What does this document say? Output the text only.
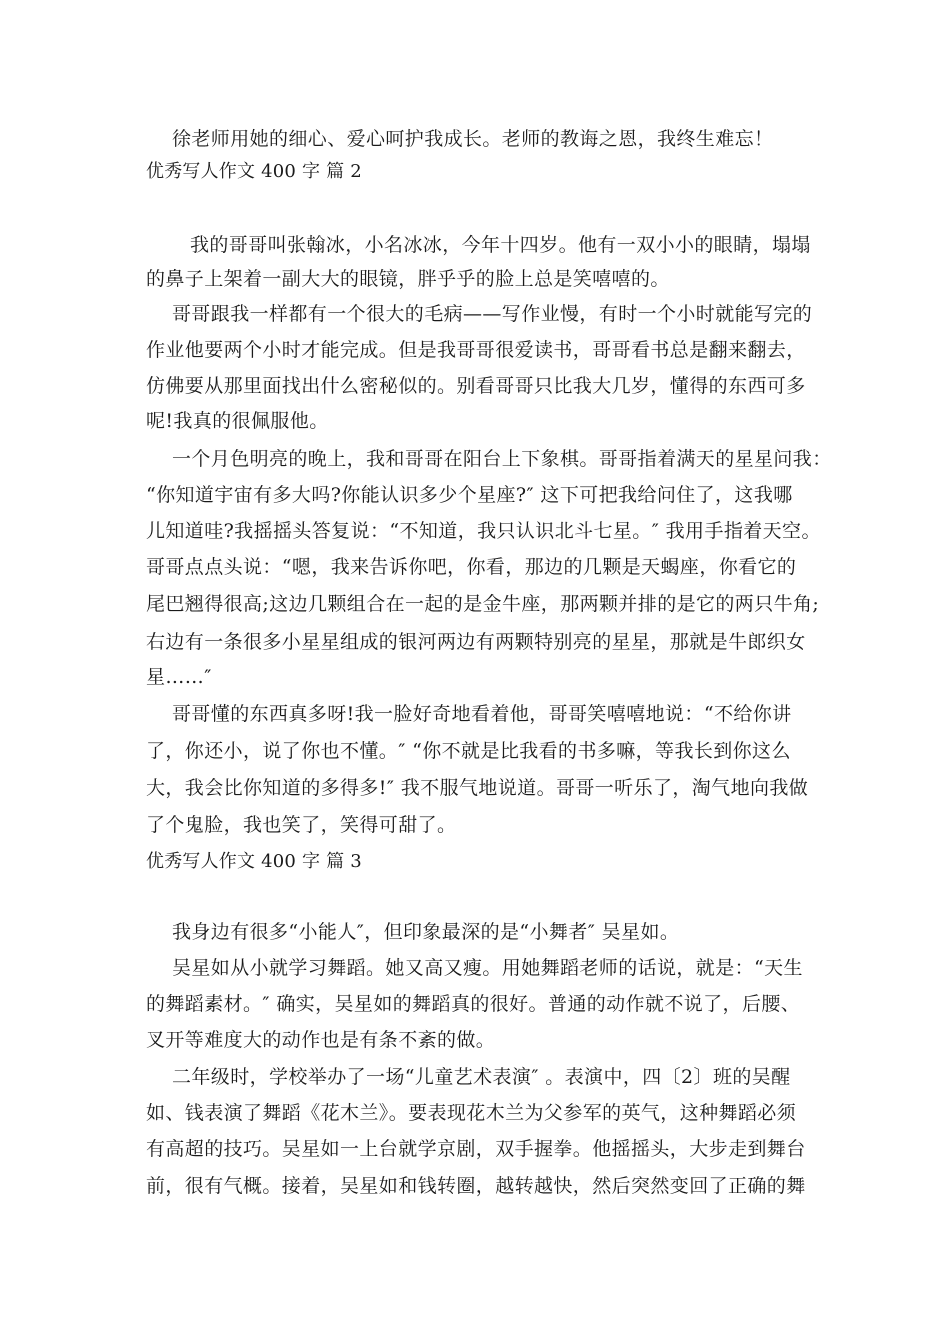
徐老师用她的细心、爱心呵护我成长。老师的教诲之恩，我终生难忘！
优秀写人作文 400 字 篇 2
我的哥哥叫张翰冰，小名冰冰，今年十四岁。他有一双小小的眼睛，塌塌
的鼻子上架着一副大大的眼镜，胖乎乎的脸上总是笑嘻嘻的。
哥哥跟我一样都有一个很大的毛病——写作业慢，有时一个小时就能写完的
作业他要两个小时才能完成。但是我哥哥很爱读书，哥哥看书总是翻来翻去，
仿佛要从那里面找出什么密秘似的。别看哥哥只比我大几岁，懂得的东西可多
呢!我真的很佩服他。
一个月色明亮的晚上，我和哥哥在阳台上下象棋。哥哥指着满天的星星问我：
“你知道宇宙有多大吗?你能认识多少个星座?″ 这下可把我给问住了，这我哪
儿知道哇?我摇摇头答复说：“不知道，我只认识北斗七星。″ 我用手指着天空。
哥哥点点头说：“嗯，我来告诉你吧，你看，那边的几颗是天蝎座，你看它的
尾巴翘得很高;这边几颗组合在一起的是金牛座，那两颗并排的是它的两只牛角;
右边有一条很多小星星组成的银河两边有两颗特别亮的星星，那就是牛郎织女
星……″
哥哥懂的东西真多呀!我一脸好奇地看着他，哥哥笑嘻嘻地说：“不给你讲
了，你还小，说了你也不懂。″ “你不就是比我看的书多嘛，等我长到你这么
大，我会比你知道的多得多!″ 我不服气地说道。哥哥一听乐了，淘气地向我做
了个鬼脸，我也笑了，笑得可甜了。
优秀写人作文 400 字 篇 3
我身边有很多“小能人″，但印象最深的是“小舞者″ 吴星如。
吴星如从小就学习舞蹈。她又高又瘦。用她舞蹈老师的话说，就是：“天生
的舞蹈素材。″ 确实，吴星如的舞蹈真的很好。普通的动作就不说了，后腰、
叉开等难度大的动作也是有条不紊的做。
二年级时，学校举办了一场“儿童艺术表演″ 。表演中，四〔2〕班的吴醒
如、钱表演了舞蹈《花木兰》。要表现花木兰为父参军的英气，这种舞蹈必须
有高超的技巧。吴星如一上台就学京剧，双手握拳。他摇摇头，大步走到舞台
前，很有气概。接着，吴星如和钱转圈，越转越快，然后突然变回了正确的舞
